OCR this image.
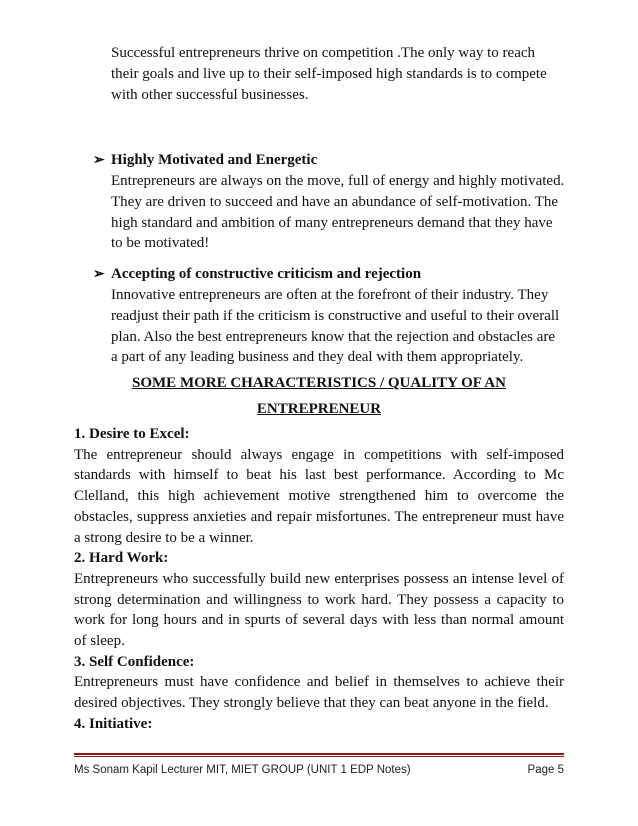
Successful entrepreneurs thrive on competition .The only way to reach their goals and live up to their self-imposed high standards is to compete with other successful businesses.

➢ Highly Motivated and Energetic

Entrepreneurs are always on the move, full of energy and highly motivated. They are driven to succeed and have an abundance of self-motivation. The high standard and ambition of many entrepreneurs demand that they have to be motivated!

➢ Accepting of constructive criticism and rejection

Innovative entrepreneurs are often at the forefront of their industry. They readjust their path if the criticism is constructive and useful to their overall plan. Also the best entrepreneurs know that the rejection and obstacles are a part of any leading business and they deal with them appropriately.

SOME MORE CHARACTERISTICS / QUALITY OF AN

ENTREPRENEUR

1. Desire to Excel:

The entrepreneur should always engage in competitions with self-imposed standards with himself to beat his last best performance. According to Mc Clelland, this high achievement motive strengthened him to overcome the obstacles, suppress anxieties and repair misfortunes. The entrepreneur must have a strong desire to be a winner.

2. Hard Work:

Entrepreneurs who successfully build new enterprises possess an intense level of strong determination and willingness to work hard. They possess a capacity to work for long hours and in spurts of several days with less than normal amount of sleep.

3. Self Confidence:

Entrepreneurs must have confidence and belief in themselves to achieve their desired objectives. They strongly believe that they can beat anyone in the field.

4. Initiative:

Ms Sonam Kapil Lecturer MIT, MIET GROUP (UNIT 1 EDP Notes)	Page 5
